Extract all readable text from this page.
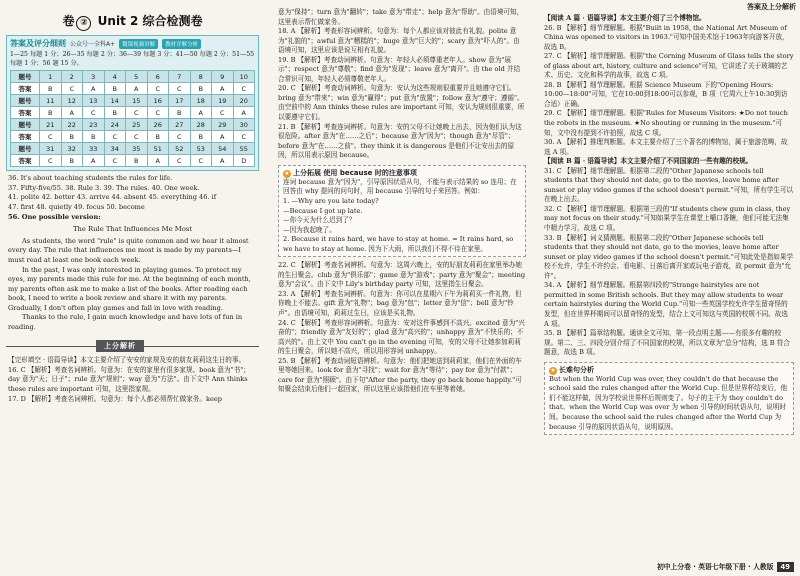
答案及上分解析
卷 ② Unit 2 综合检测卷
答案及评分细则 公众号一全科A+	微课视频讲解	教材详解分析
1—25 每题 1 分；26—35 每题 2 分；36—39 每题 3 分；41—50 每题 2 分；51—55 每题 1 分；56 题 15 分。
题号	1	2	3	4	5	6	7	8	9	10
答案	B	C	A	B	A	C	C	B	A	C
题号	11	12	13	14	15	16	17	18	19	20
答案	B	A	C	B	C	C	B	A	C	A
题号	21	22	23	24	25	26	27	28	29	30
答案	C	B	B	C	C	B	C	B	A	C
题号	31	32	33	34	35	51	52	53	54	55
答案	C	B	A	C	B	A	C	C	A	D
36. It's about teaching students the rules for life.
37. Fifty-five/55. 38. Rule 3. 39. The rules. 40. One week.
41. polite 42. better 43. arrive 44. absent 45. everything 46. if
47. first 48. quietly 49. focus 50. become
56. One possible version:
The Rule That Influences Me Most
As students, the word "rule" is quite common and we hear it almost every day. The rule that influences me most is made by my parents—I must read at least one book each week.
In the past, I was only interested in playing games. To protect my eyes, my parents made this rule for me. At the beginning of each month, my parents often ask me to make a list of the books. After reading each book, I need to write a book review and share it with my parents. Gradually, I don't often play games and fall in love with reading.
Thanks to the rule, I gain much knowledge and have lots of fun in reading.
上分解析
【完形填空 · 语篇导读】本文主要介绍了安安的家规及安的朋友莉莉这生日的事。
16. C 【解析】考查名词辨析。句意为：在安的家里有很多家规。book 意为"书"；day 意为"天；日子"；rule 意为"规则"；way 意为"方法"。由下文中 Ann thinks these rules are important 可知，这里指家规。
17. D 【解析】考查名词辨析。句意为：每个人都必须帮忙做家务。keep
意为"保持"；turn 意为"翻转"；take 意为"带走"；help 意为"帮助"。由语境可知，这里表示帮忙做家务。
18. A 【解析】考查形容词辨析。句意为：每个人都应该对彼此有礼貌。polite 意为"礼貌的"；awful 意为"糟糕的"；huge 意为"巨大的"；scary 意为"吓人的"。由语境可知，这里应该是说互相有礼貌。
19. B 【解析】考查动词辨析。句意为：年轻人必须尊重老年人。show 意为"展示"；respect 意为"尊敬"；find 意为"发现"；leave 意为"离开"。由 the old 并结合常识可知，年轻人必须尊敬老年人。
20. C 【解析】考查动词辨析。句意为：安认为这些规则很重要并且她遵守它们。bring 意为"带来"；win 意为"赢得"；put 意为"放置"；follow 意为"遵守；遵循"。由空前中的 Ann thinks these rules are important 可知，安认为规则很重要，所以要遵守它们。
21. B 【解析】考查连词辨析。句意为：安的父母不让她晚上出去，因为他们认为这很危险。after 意为"在……之后"；because 意为"因为"；though 意为"尽管"；before 意为"在……之前"。they think it is dangerous 是他们不让安出去的原因，所以用表示原因 because。
★ 上分拓展 使用 because 时的注意事项
连词 because 意为"因为"，引导原因状语从句，不能与表示结果的 so 连用；在回答由 why 提问的问句时，用 because 引导的句子来回答。例如：
1. —Why are you late today?
—Because I got up late.
—你今天为什么迟到了？
—因为我起晚了。
2. Because it rains hard, we have to stay at home. = It rains hard, so we have to stay at home. 因为下大雨，所以我们不得不待在家里。
22. C 【解析】考查名词辨析。句意为：这周六晚上，安的好朋友莉莉在家里举办她的生日聚会。club 意为"俱乐部"；game 意为"游戏"；party 意为"聚会"；meeting 意为"会议"。由下文中 Lily's birthday party 可知，这里指生日聚会。
23. A 【解析】考查名词辨析。句意为：你可以在星期六下午为莉莉买一件礼物，但你晚上不能去。gift 意为"礼物"；bag 意为"包"；letter 意为"信"；bell 意为"铃声"。由语境可知，莉莉过生日，应该是买礼物。
24. C 【解析】考查形容词辨析。句意为：安对这件事感到不高兴。excited 意为"兴奋的"；friendly 意为"友好的"；glad 意为"高兴的"；unhappy 意为"不快乐的；不高兴的"。由上文中 You can't go in the evening 可知，安的父母不让她参加莉莉的生日聚会，所以她不高兴，所以用形容词 unhappy。
25. B 【解析】考查动词短语辨析。句意为：他们把她送到莉莉家，他们在外面的车里等她回来。look for 意为"寻找"；wait for 意为"等待"；pay for 意为"付款"；care for 意为"照顾"。由下句"After the party, they go back home happily."可知聚会结束后他们一起回家，所以这里应该指他们在车里等着她。
【阅读 A 篇 · 语篇导读】本文主要介绍了三个博物馆。
26. B 【解析】细节理解题。根据"Built in 1958, the National Art Museum of China was opened to visitors in 1963."可知中国美术馆于1963年向游客开放，故选 B。
27. C 【解析】细节理解题。根据"the Corning Museum of Glass tells the story of glass about art, history, culture and science"可知，它讲述了关于玻璃的艺术、历史、文化和科学的故事，故选 C 项。
28. B 【解析】细节理解题。根据 Science Museum 下的"Opening Hours: 10:00—18:00"可知，它在10:00到18:00可以参观，B 项（它周六上午10:30到访合适）正确。
29. C 【解析】细节理解题。根据"Rules for Museum Visitors: ★Do not touch the robots in the museum. ★No shouting or running in the museum."可知，文中没有提到不许拍照，故选 C 项。
30. A 【解析】推理判断题。本文主要介绍了三个著名的博物馆，属于旅游范畴，故选 A 项。
【阅读 B 篇 · 语篇导读】本文主要介绍了不同国家的一些有趣的校规。
31. C 【解析】细节理解题。根据第二段的"Other Japanese schools tell students that they should not date, go to the movies, leave home after sunset or play video games if the school doesn't permit."可知，所有学生可以在晚上出去。
32. C 【解析】细节理解题。根据第三段的"If students chew gum in class, they may not focus on their study."可知如果学生在课堂上嚼口香糖，他们可能无法集中精力学习，故选 C 项。
33. B 【解析】词义猜测题。根据第二段的"Other Japanese schools tell students that they should not date, go to the movies, leave home after sunset or play video games if the school doesn't permit."可知此处是指如果学校不允许，学生不许约会、看电影、日落后离开家或玩电子游戏，故 permit 意为"允许"。
34. A 【解析】细节理解题。根据第四段的"Strange hairstyles are not permitted in some British schools. But they may allow students to wear certain hairstyles during the World Cup."可知一些英国学校允许学生留奇怪的发型，但在世界杯期间可以留奇怪的发型，结合上文可知这与英国的校规不同。故选 A 项。
35. B 【解析】篇章结构题。通读全文可知，第一段点明主题——有很多有趣的校规。第二、三、四段分别介绍了不同国家的校规，所以文章为"总分"结构，选 B 符合题意，故选 B 项。
★ 长难句分析
But when the World Cup was over, they couldn't do that because the school said the rules changed after the World Cup. 但是世界杯结束后，他们不能这样做，因为学校说世界杯后规则变了。句子的主干为 they couldn't do that。when the World Cup was over 为 when 引导的时间状语从句，说明时间。because the school said the rules changed after the World Cup 为 because 引导的原因状语从句，说明原因。
初中上分卷 · 英语七年级下册 · 人教版 49
